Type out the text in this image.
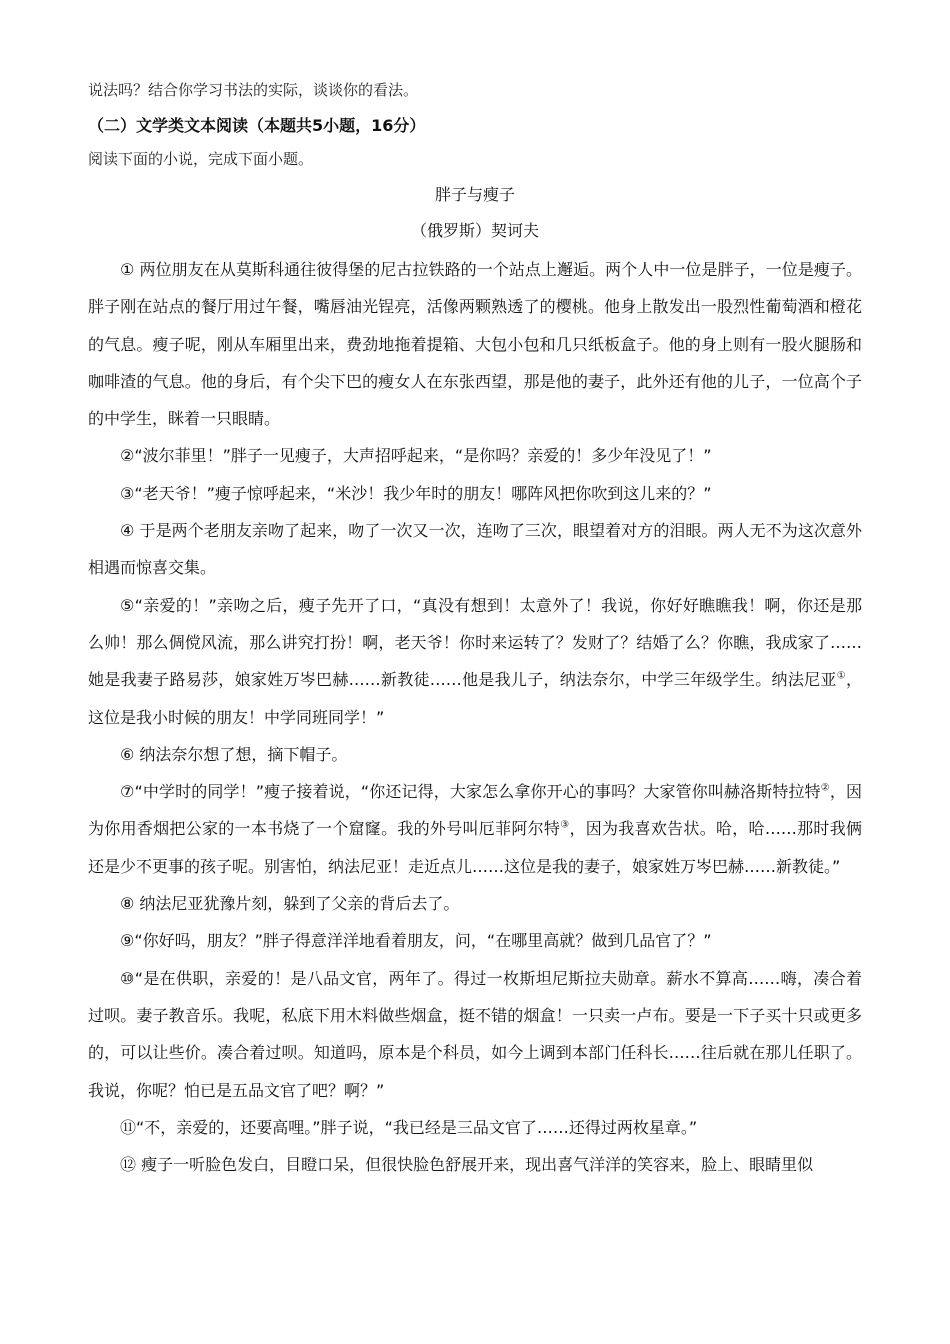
说法吗？结合你学习书法的实际，谈谈你的看法。
（二）文学类文本阅读（本题共5小题，16分）
阅读下面的小说，完成下面小题。
胖子与瘦子
（俄罗斯）契诃夫

① 两位朋友在从莫斯科通往彼得堡的尼古拉铁路的一个站点上邂逅。两个人中一位是胖子，一位是瘦子。胖子刚在站点的餐厅用过午餐，嘴唇油光锃亮，活像两颗熟透了的樱桃。他身上散发出一股烈性葡萄酒和橙花的气息。瘦子呢，刚从车厢里出来，费劲地拖着提箱、大包小包和几只纸板盒子。他的身上则有一股火腿肠和咖啡渣的气息。他的身后，有个尖下巴的瘦女人在东张西望，那是他的妻子，此外还有他的儿子，一位高个子的中学生，眯着一只眼睛。

②“波尔菲里！”胖子一见瘦子，大声招呼起来，“是你吗？亲爱的！多少年没见了！”

③“老天爷！”瘦子惊呼起来，“米沙！我少年时的朋友！哪阵风把你吹到这儿来的？”

④ 于是两个老朋友亲吻了起来，吻了一次又一次，连吻了三次，眼望着对方的泪眼。两人无不为这次意外相遇而惊喜交集。

⑤“亲爱的！”亲吻之后，瘦子先开了口，“真没有想到！太意外了！我说，你好好瞧瞧我！啊，你还是那么帅！那么倜傥风流，那么讲究打扮！啊，老天爷！你时来运转了？发财了？结婚了么？你瞧，我成家了……她是我妻子路易莎，娘家姓万岑巴赫……新教徒……他是我儿子，纳法奈尔，中学三年级学生。纳法尼亚①，这位是我小时候的朋友！中学同班同学！”

⑥ 纳法奈尔想了想，摘下帽子。

⑦“中学时的同学！”瘦子接着说，“你还记得，大家怎么拿你开心的事吗？大家管你叫赫洛斯特拉特②，因为你用香烟把公家的一本书烧了一个窟窿。我的外号叫厄菲阿尔特③，因为我喜欢告状。哈，哈……那时我俩还是少不更事的孩子呢。别害怕，纳法尼亚！走近点儿……这位是我的妻子，娘家姓万岑巴赫……新教徒。”

⑧ 纳法尼亚犹豫片刻，躲到了父亲的背后去了。

⑨“你好吗，朋友？”胖子得意洋洋地看着朋友，问，“在哪里高就？做到几品官了？”

⑩“是在供职，亲爱的！是八品文官，两年了。得过一枚斯坦尼斯拉夫勋章。薪水不算高……嗨，凑合着过呗。妻子教音乐。我呢，私底下用木料做些烟盒，挺不错的烟盒！一只卖一卢布。要是一下子买十只或更多的，可以让些价。凑合着过呗。知道吗，原本是个科员，如今上调到本部门任科长……往后就在那儿任职了。我说，你呢？怕已是五品文官了吧？啊？”

⑪“不，亲爱的，还要高哩。”胖子说，“我已经是三品文官了……还得过两枚星章。”

⑫ 瘦子一听脸色发白，目瞪口呆，但很快脸色舒展开来，现出喜气洋洋的笑容来，脸上、眼睛里似
